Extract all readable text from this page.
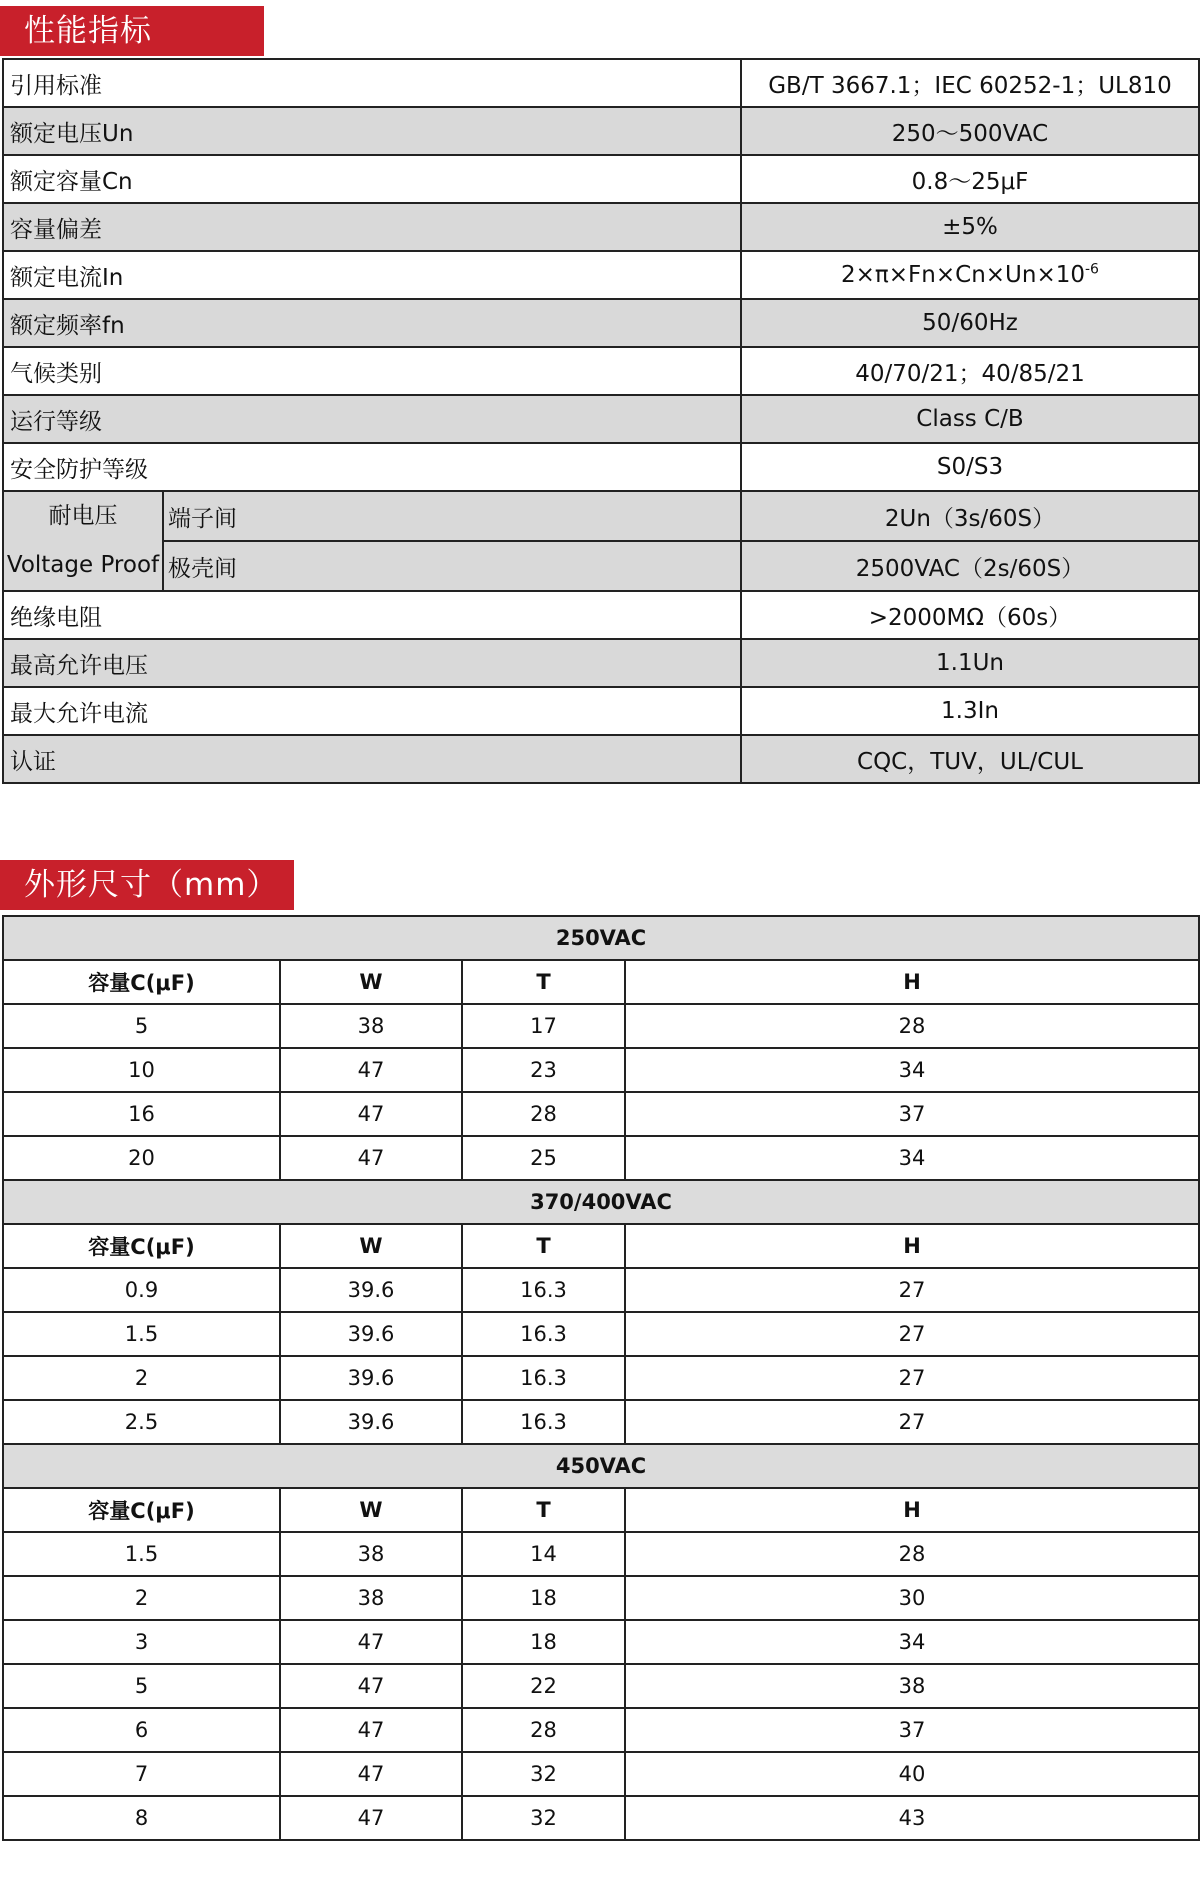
性能指标
引用标准		GB/T 3667.1；IEC 60252-1；UL810
额定电压Un		250～500VAC
额定容量Cn		0.8～25μF
容量偏差		±5%
额定电流In		$2\times\pi\times Fn\times Cn\times Un\times 10^{-6}$
额定频率fn		50/60Hz
气候类别		40/70/21；40/85/21
运行等级		Class C/B
安全防护等级		S0/S3

耐电压
Voltage Proof	端子间	2Un（3s/60S）
	极壳间	2500VAC（2s/60S）
绝缘电阻		>2000MΩ（60s）
最高允许电压		1.1Un
最大允许电流		1.3In
认证		CQC，TUV，UL/CUL
外形尺寸（mm）
250VAC			
容量C(μF)	W	T	H
5	38	17	28
10	47	23	34
16	47	28	37
20	47	25	34
370/400VAC			
容量C(μF)	W	T	H
0.9	39.6	16.3	27
1.5	39.6	16.3	27
2	39.6	16.3	27
2.5	39.6	16.3	27
450VAC			
容量C(μF)	W	T	H
1.5	38	14	28
2	38	18	30
3	47	18	34
5	47	22	38
6	47	28	37
7	47	32	40
8	47	32	43
